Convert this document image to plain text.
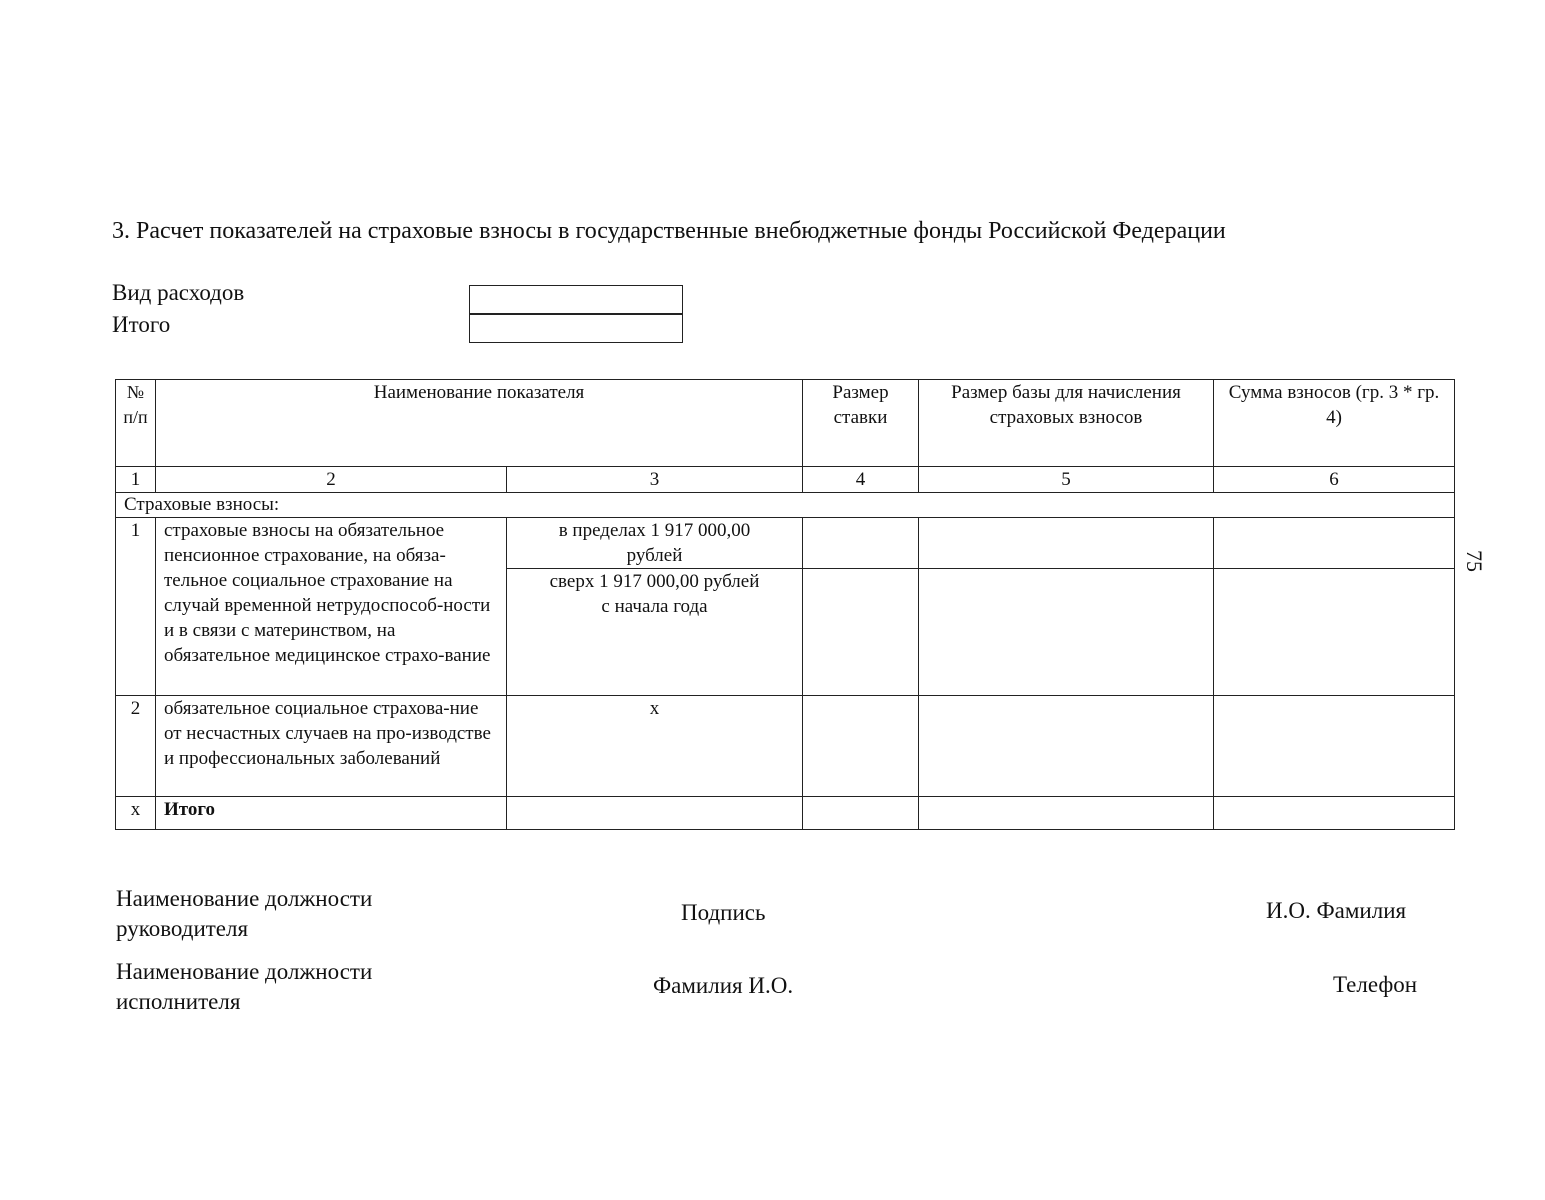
3. Расчет показателей на страховые взносы в государственные внебюджетные фонды Российской Федерации
Вид расходов
Итого
75
№ п/п	Наименование показателя		Размер ставки	Размер базы для начисления страховых взносов	Сумма взносов (гр. 3 * гр. 4)
1	2	3	4	5	6
Страховые взносы:					
1	страховые взносы на обязательное пенсионное страхование, на обяза-тельное социальное страхование на случай временной нетрудоспособ-ности и в связи с материнством, на обязательное медицинское страхо-вание	в пределах 1 917 000,00 рублей			
		сверх 1 917 000,00 рублей с начала года			
2	обязательное социальное страхова-ние от несчастных случаев на про-изводстве и профессиональных заболеваний	х			
х	Итого				
Наименование должности руководителя
Подпись	И.О. Фамилия
Наименование должности исполнителя
Фамилия И.О.	Телефон
